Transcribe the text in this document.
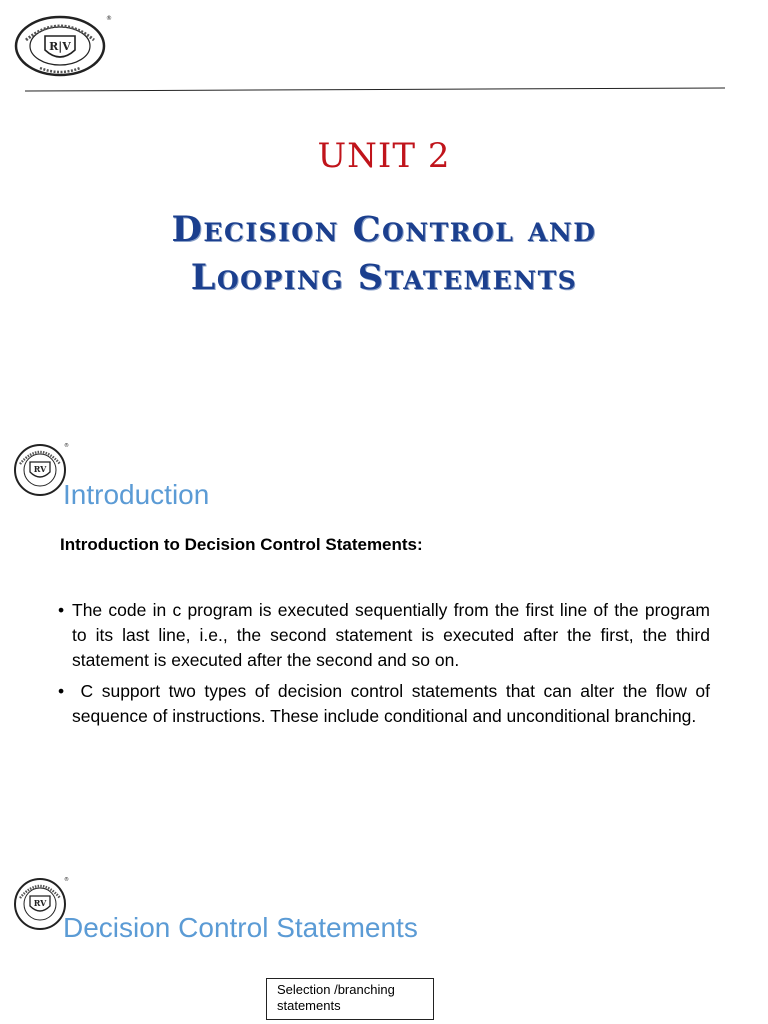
R|V
®
UNIT 2
Decision Control and
Looping Statements
RV
®
Introduction
Introduction to Decision Control Statements:
• The code in c program is executed sequentially from the first line of the program to its last line, i.e., the second statement is executed after the first, the third statement is executed after the second and so on.
• C support two types of decision control statements that can alter the flow of sequence of instructions. These include conditional and unconditional branching.
RV
®
Decision Control Statements
Selection /branching
statements
